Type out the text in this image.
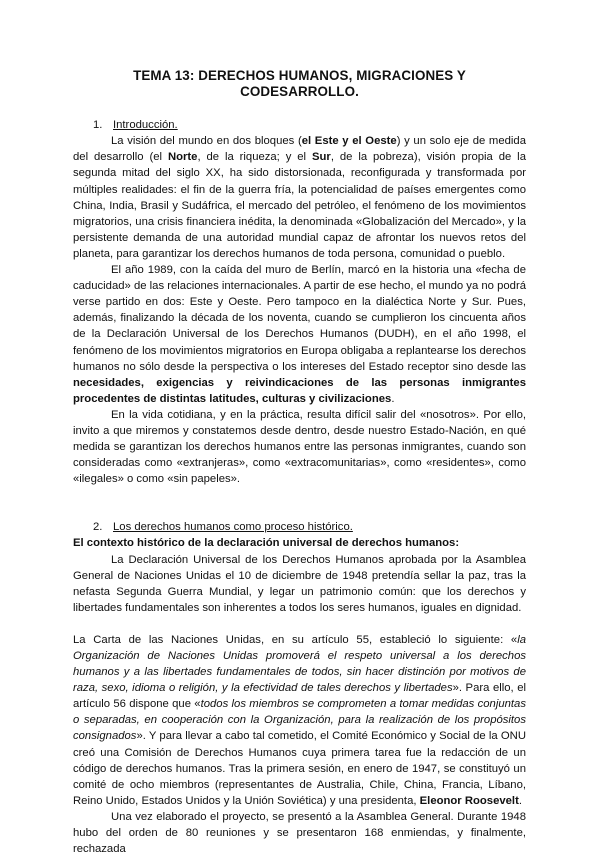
TEMA 13: DERECHOS HUMANOS, MIGRACIONES Y CODESARROLLO.
1. Introducción.

La visión del mundo en dos bloques (el Este y el Oeste) y un solo eje de medida del desarrollo (el Norte, de la riqueza; y el Sur, de la pobreza), visión propia de la segunda mitad del siglo XX, ha sido distorsionada, reconfigurada y transformada por múltiples realidades: el fin de la guerra fría, la potencialidad de países emergentes como China, India, Brasil y Sudáfrica, el mercado del petróleo, el fenómeno de los movimientos migratorios, una crisis financiera inédita, la denominada «Globalización del Mercado», y la persistente demanda de una autoridad mundial capaz de afrontar los nuevos retos del planeta, para garantizar los derechos humanos de toda persona, comunidad o pueblo.

El año 1989, con la caída del muro de Berlín, marcó en la historia una «fecha de caducidad» de las relaciones internacionales. A partir de ese hecho, el mundo ya no podrá verse partido en dos: Este y Oeste. Pero tampoco en la dialéctica Norte y Sur. Pues, además, finalizando la década de los noventa, cuando se cumplieron los cincuenta años de la Declaración Universal de los Derechos Humanos (DUDH), en el año 1998, el fenómeno de los movimientos migratorios en Europa obligaba a replantearse los derechos humanos no sólo desde la perspectiva o los intereses del Estado receptor sino desde las necesidades, exigencias y reivindicaciones de las personas inmigrantes procedentes de distintas latitudes, culturas y civilizaciones.

En la vida cotidiana, y en la práctica, resulta difícil salir del «nosotros». Por ello, invito a que miremos y constatemos desde dentro, desde nuestro Estado-Nación, en qué medida se garantizan los derechos humanos entre las personas inmigrantes, cuando son consideradas como «extranjeras», como «extracomunitarias», como «residentes», como «ilegales» o como «sin papeles».

2. Los derechos humanos como proceso histórico.

El contexto histórico de la declaración universal de derechos humanos:

La Declaración Universal de los Derechos Humanos aprobada por la Asamblea General de Naciones Unidas el 10 de diciembre de 1948 pretendía sellar la paz, tras la nefasta Segunda Guerra Mundial, y legar un patrimonio común: que los derechos y libertades fundamentales son inherentes a todos los seres humanos, iguales en dignidad.

La Carta de las Naciones Unidas, en su artículo 55, estableció lo siguiente: «la Organización de Naciones Unidas promoverá el respeto universal a los derechos humanos y a las libertades fundamentales de todos, sin hacer distinción por motivos de raza, sexo, idioma o religión, y la efectividad de tales derechos y libertades». Para ello, el artículo 56 dispone que «todos los miembros se comprometen a tomar medidas conjuntas o separadas, en cooperación con la Organización, para la realización de los propósitos consignados». Y para llevar a cabo tal cometido, el Comité Económico y Social de la ONU creó una Comisión de Derechos Humanos cuya primera tarea fue la redacción de un código de derechos humanos. Tras la primera sesión, en enero de 1947, se constituyó un comité de ocho miembros (representantes de Australia, Chile, China, Francia, Líbano, Reino Unido, Estados Unidos y la Unión Soviética) y una presidenta, Eleonor Roosevelt.

Una vez elaborado el proyecto, se presentó a la Asamblea General. Durante 1948 hubo del orden de 80 reuniones y se presentaron 168 enmiendas, y finalmente, rechazada
